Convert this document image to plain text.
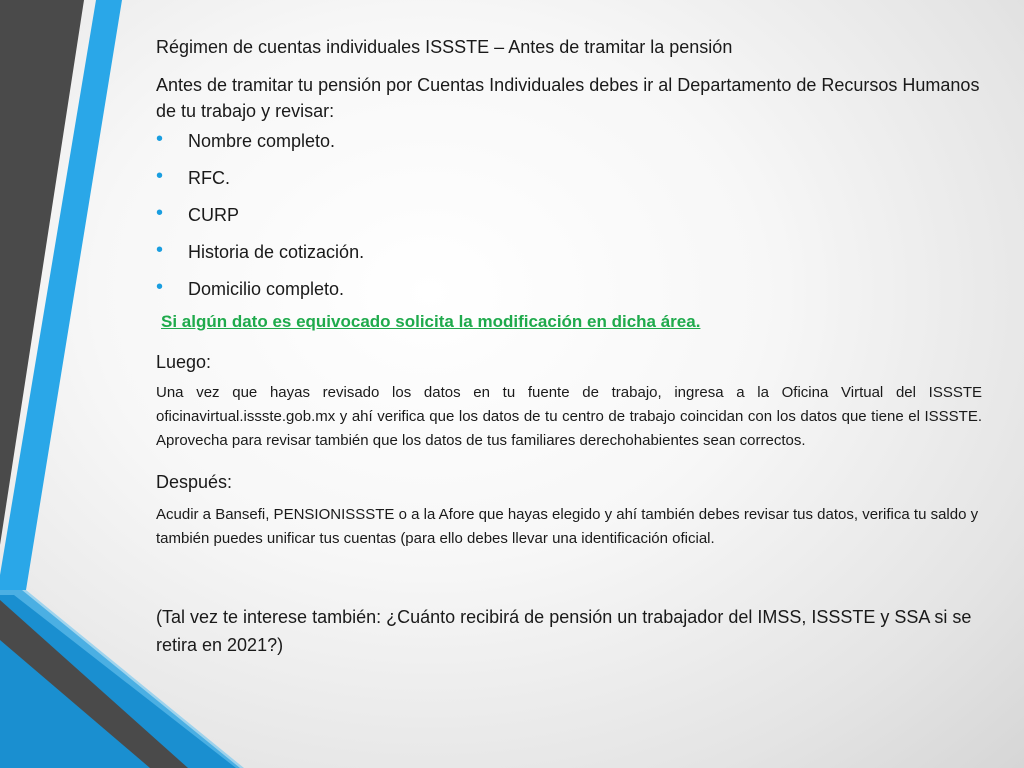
Régimen de cuentas individuales ISSSTE – Antes de tramitar la pensión

Antes de tramitar tu pensión por Cuentas Individuales debes ir al Departamento de Recursos Humanos de tu trabajo y revisar:

• Nombre completo.
• RFC.
• CURP
• Historia de cotización.
• Domicilio completo.

Si algún dato es equivocado solicita la modificación en dicha área.

Luego:

Una vez que hayas revisado los datos en tu fuente de trabajo, ingresa a la Oficina Virtual del ISSSTE oficinavirtual.issste.gob.mx y ahí verifica que los datos de tu centro de trabajo coincidan con los datos que tiene el ISSSTE. Aprovecha para revisar también que los datos de tus familiares derechohabientes sean correctos.

Después:

Acudir a Bansefi, PENSIONISSSTE o a la Afore que hayas elegido y ahí también debes revisar tus datos, verifica tu saldo y también puedes unificar tus cuentas (para ello debes llevar una identificación oficial.

(Tal vez te interese también: ¿Cuánto recibirá de pensión un trabajador del IMSS, ISSSTE y SSA si se retira en 2021?)
